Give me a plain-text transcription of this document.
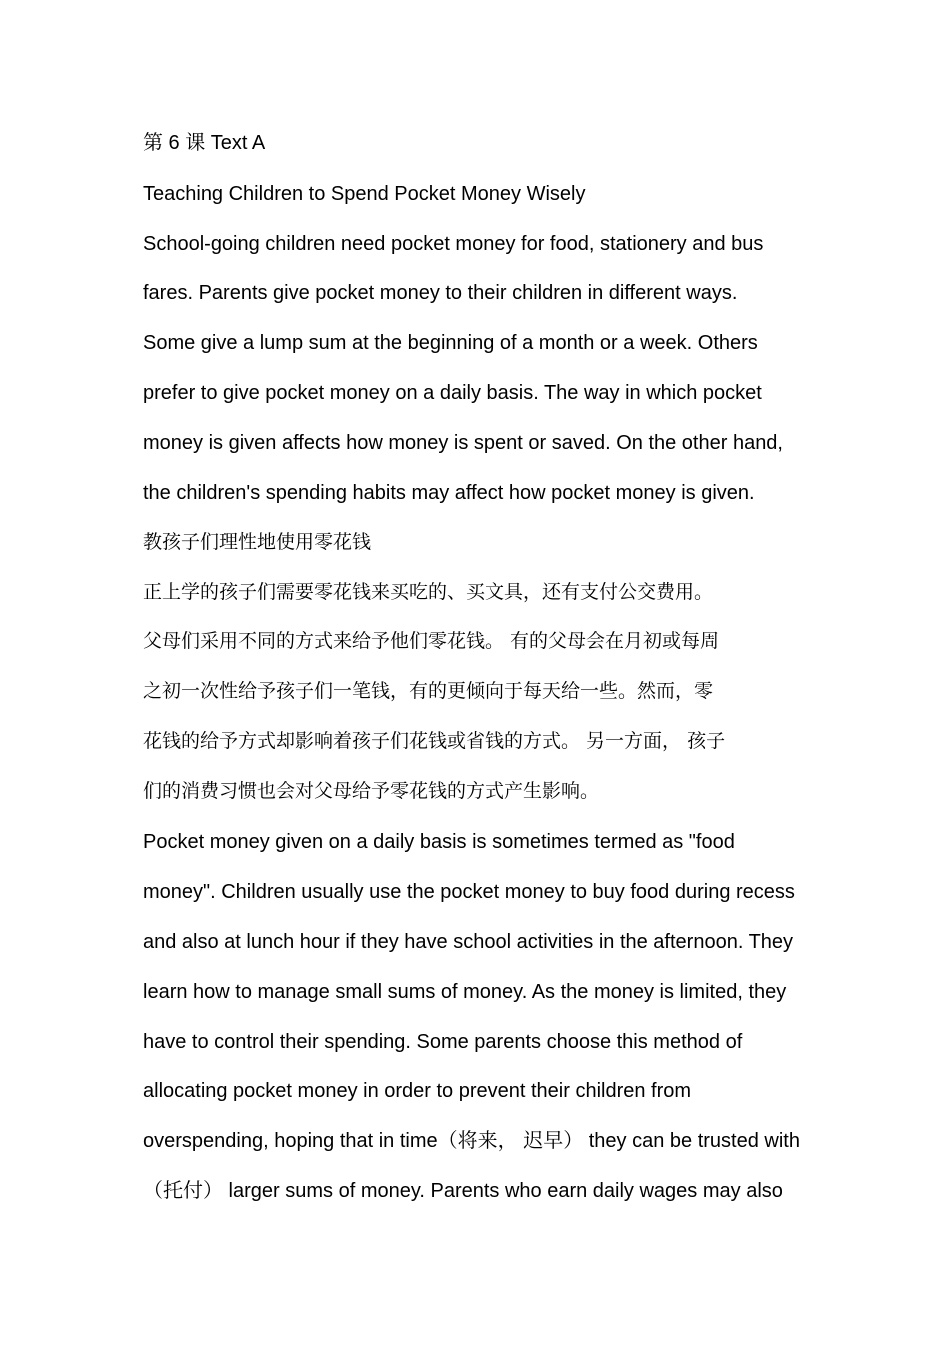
第 6 课 Text A
Teaching Children to Spend Pocket Money Wisely
School-going children need pocket money for food, stationery and bus
fares. Parents give pocket money to their children in different ways.
Some give a lump sum at the beginning of a month or a week. Others
prefer to give pocket money on a daily basis. The way in which pocket
money is given affects how money is spent or saved. On the other hand,
the children's spending habits may affect how pocket money is given.
教孩子们理性地使用零花钱
正上学的孩子们需要零花钱来买吃的、买文具，还有支付公交费用。
父母们采用不同的方式来给予他们零花钱。 有的父母会在月初或每周
之初一次性给予孩子们一笔钱，有的更倾向于每天给一些。然而，零
花钱的给予方式却影响着孩子们花钱或省钱的方式。 另一方面， 孩子
们的消费习惯也会对父母给予零花钱的方式产生影响。
Pocket money given on a daily basis is sometimes termed as "food
money". Children usually use the pocket money to buy food during recess
and also at lunch hour if they have school activities in the afternoon. They
learn how to manage small sums of money. As the money is limited, they
have to control their spending. Some parents choose this method of
allocating pocket money in order to prevent their children from
overspending, hoping that in time（将来， 迟早） they can be trusted with
（托付） larger sums of money. Parents who earn daily wages may also
